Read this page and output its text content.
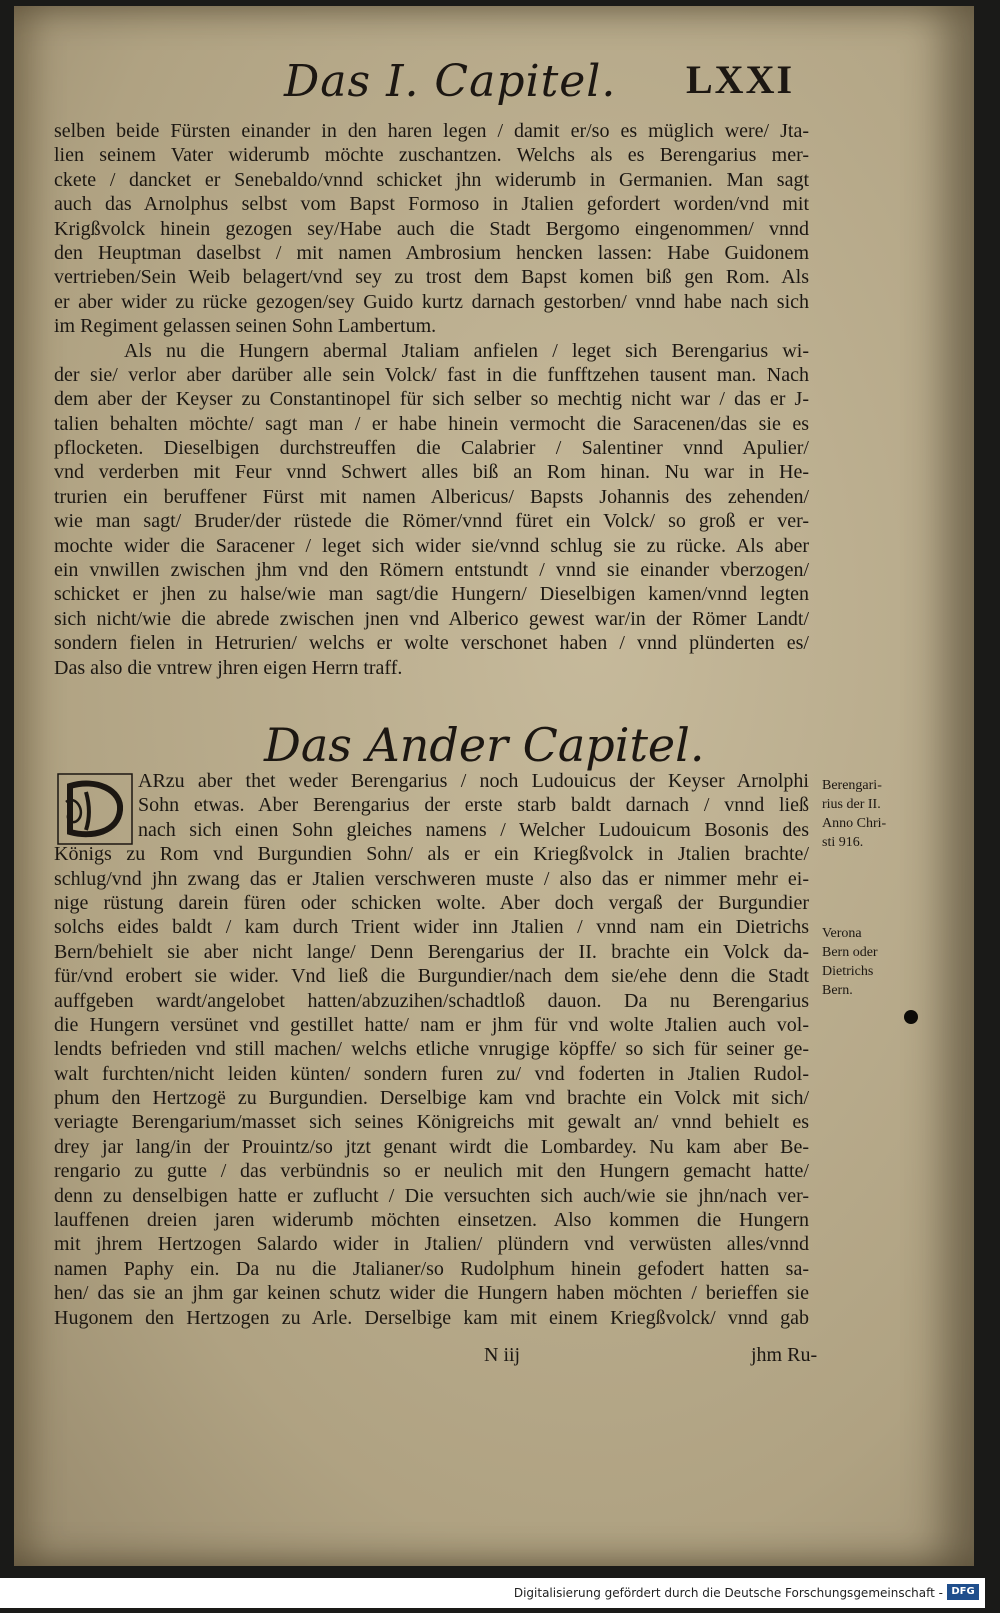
Das I. Capitel. LXXI
selben beide Fürsten einander in den haren legen / damit er/so es müglich were/ Jta-
lien seinem Vater widerumb möchte zuschantzen. Welchs als es Berengarius mer-
ckete / dancket er Senebaldo/vnnd schicket jhn widerumb in Germanien. Man sagt
auch das Arnolphus selbst vom Bapst Formoso in Jtalien gefordert worden/vnd mit
Krigßvolck hinein gezogen sey/Habe auch die Stadt Bergomo eingenommen/ vnnd
den Heuptman daselbst / mit namen Ambrosium hencken lassen: Habe Guidonem
vertrieben/Sein Weib belagert/vnd sey zu trost dem Bapst komen biß gen Rom. Als
er aber wider zu rücke gezogen/sey Guido kurtz darnach gestorben/ vnnd habe nach sich
im Regiment gelassen seinen Sohn Lambertum.
Als nu die Hungern abermal Jtaliam anfielen / leget sich Berengarius wi-
der sie/ verlor aber darüber alle sein Volck/ fast in die funfftzehen tausent man. Nach
dem aber der Keyser zu Constantinopel für sich selber so mechtig nicht war / das er J-
talien behalten möchte/ sagt man / er habe hinein vermocht die Saracenen/das sie es
pflocketen. Dieselbigen durchstreuffen die Calabrier / Salentiner vnnd Apulier/
vnd verderben mit Feur vnnd Schwert alles biß an Rom hinan. Nu war in He-
trurien ein beruffener Fürst mit namen Albericus/ Bapsts Johannis des zehenden/
wie man sagt/ Bruder/der rüstede die Römer/vnnd füret ein Volck/ so groß er ver-
mochte wider die Saracener / leget sich wider sie/vnnd schlug sie zu rücke. Als aber
ein vnwillen zwischen jhm vnd den Römern entstundt / vnnd sie einander vberzogen/
schicket er jhen zu halse/wie man sagt/die Hungern/ Dieselbigen kamen/vnnd legten
sich nicht/wie die abrede zwischen jnen vnd Alberico gewest war/in der Römer Landt/
sondern fielen in Hetrurien/ welchs er wolte verschonet haben / vnnd plünderten es/
Das also die vntrew jhren eigen Herrn traff.
Das Ander Capitel.
ARzu aber thet weder Berengarius / noch Ludouicus der Keyser Arnolphi
Sohn etwas. Aber Berengarius der erste starb baldt darnach / vnnd ließ
nach sich einen Sohn gleiches namens / Welcher Ludouicum Bosonis des
Königs zu Rom vnd Burgundien Sohn/ als er ein Kriegßvolck in Jtalien brachte/
schlug/vnd jhn zwang das er Jtalien verschweren muste / also das er nimmer mehr ei-
nige rüstung darein füren oder schicken wolte. Aber doch vergaß der Burgundier
solchs eides baldt / kam durch Trient wider inn Jtalien / vnnd nam ein Dietrichs
Bern/behielt sie aber nicht lange/ Denn Berengarius der II. brachte ein Volck da-
für/vnd erobert sie wider. Vnd ließ die Burgundier/nach dem sie/ehe denn die Stadt
auffgeben wardt/angelobet hatten/abzuzihen/schadtloß dauon. Da nu Berengarius
die Hungern versünet vnd gestillet hatte/ nam er jhm für vnd wolte Jtalien auch vol-
lendts befrieden vnd still machen/ welchs etliche vnrugige köpffe/ so sich für seiner ge-
walt furchten/nicht leiden künten/ sondern furen zu/ vnd foderten in Jtalien Rudol-
phum den Hertzogë zu Burgundien. Derselbige kam vnd brachte ein Volck mit sich/
veriagte Berengarium/masset sich seines Königreichs mit gewalt an/ vnnd behielt es
drey jar lang/in der Prouintz/so jtzt genant wirdt die Lombardey. Nu kam aber Be-
rengario zu gutte / das verbündnis so er neulich mit den Hungern gemacht hatte/
denn zu denselbigen hatte er zuflucht / Die versuchten sich auch/wie sie jhn/nach ver-
lauffenen dreien jaren widerumb möchten einsetzen. Also kommen die Hungern
mit jhrem Hertzogen Salardo wider in Jtalien/ plündern vnd verwüsten alles/vnnd
namen Paphy ein. Da nu die Jtalianer/so Rudolphum hinein gefodert hatten sa-
hen/ das sie an jhm gar keinen schutz wider die Hungern haben möchten / berieffen sie
Hugonem den Hertzogen zu Arle. Derselbige kam mit einem Kriegßvolck/ vnnd gab
Berengari-
rius der II.
Anno Chri-
sti 916.
Verona
Bern oder
Dietrichs
Bern.
N iij	jhm Ru-
Digitalisierung gefördert durch die Deutsche Forschungsgemeinschaft - DFG
